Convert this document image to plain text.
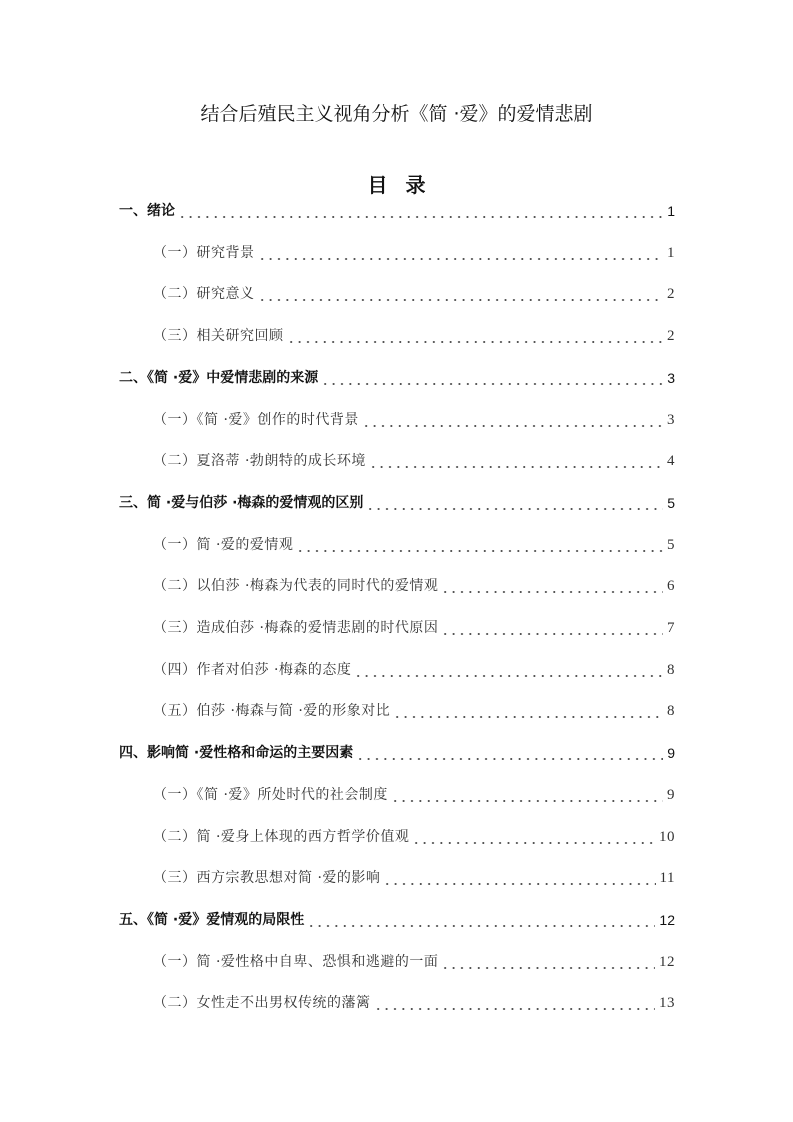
结合后殖民主义视角分析《简 ·爱》的爱情悲剧
目录
一、绪论	1
（一）研究背景	1
（二）研究意义	2
（三）相关研究回顾	2
二、《简 ·爱》中爱情悲剧的来源	3
（一）《简 ·爱》创作的时代背景	3
（二）夏洛蒂 ·勃朗特的成长环境	4
三、简 ·爱与伯莎 ·梅森的爱情观的区别	5
（一）简 ·爱的爱情观	5
（二）以伯莎 ·梅森为代表的同时代的爱情观	6
（三）造成伯莎 ·梅森的爱情悲剧的时代原因	7
（四）作者对伯莎 ·梅森的态度	8
（五）伯莎 ·梅森与简 ·爱的形象对比	8
四、影响简 ·爱性格和命运的主要因素	9
（一）《简 ·爱》所处时代的社会制度	9
（二）简 ·爱身上体现的西方哲学价值观	10
（三）西方宗教思想对简 ·爱的影响	11
五、《简 ·爱》爱情观的局限性	12
（一）简 ·爱性格中自卑、恐惧和逃避的一面	12
（二）女性走不出男权传统的藩篱	13
